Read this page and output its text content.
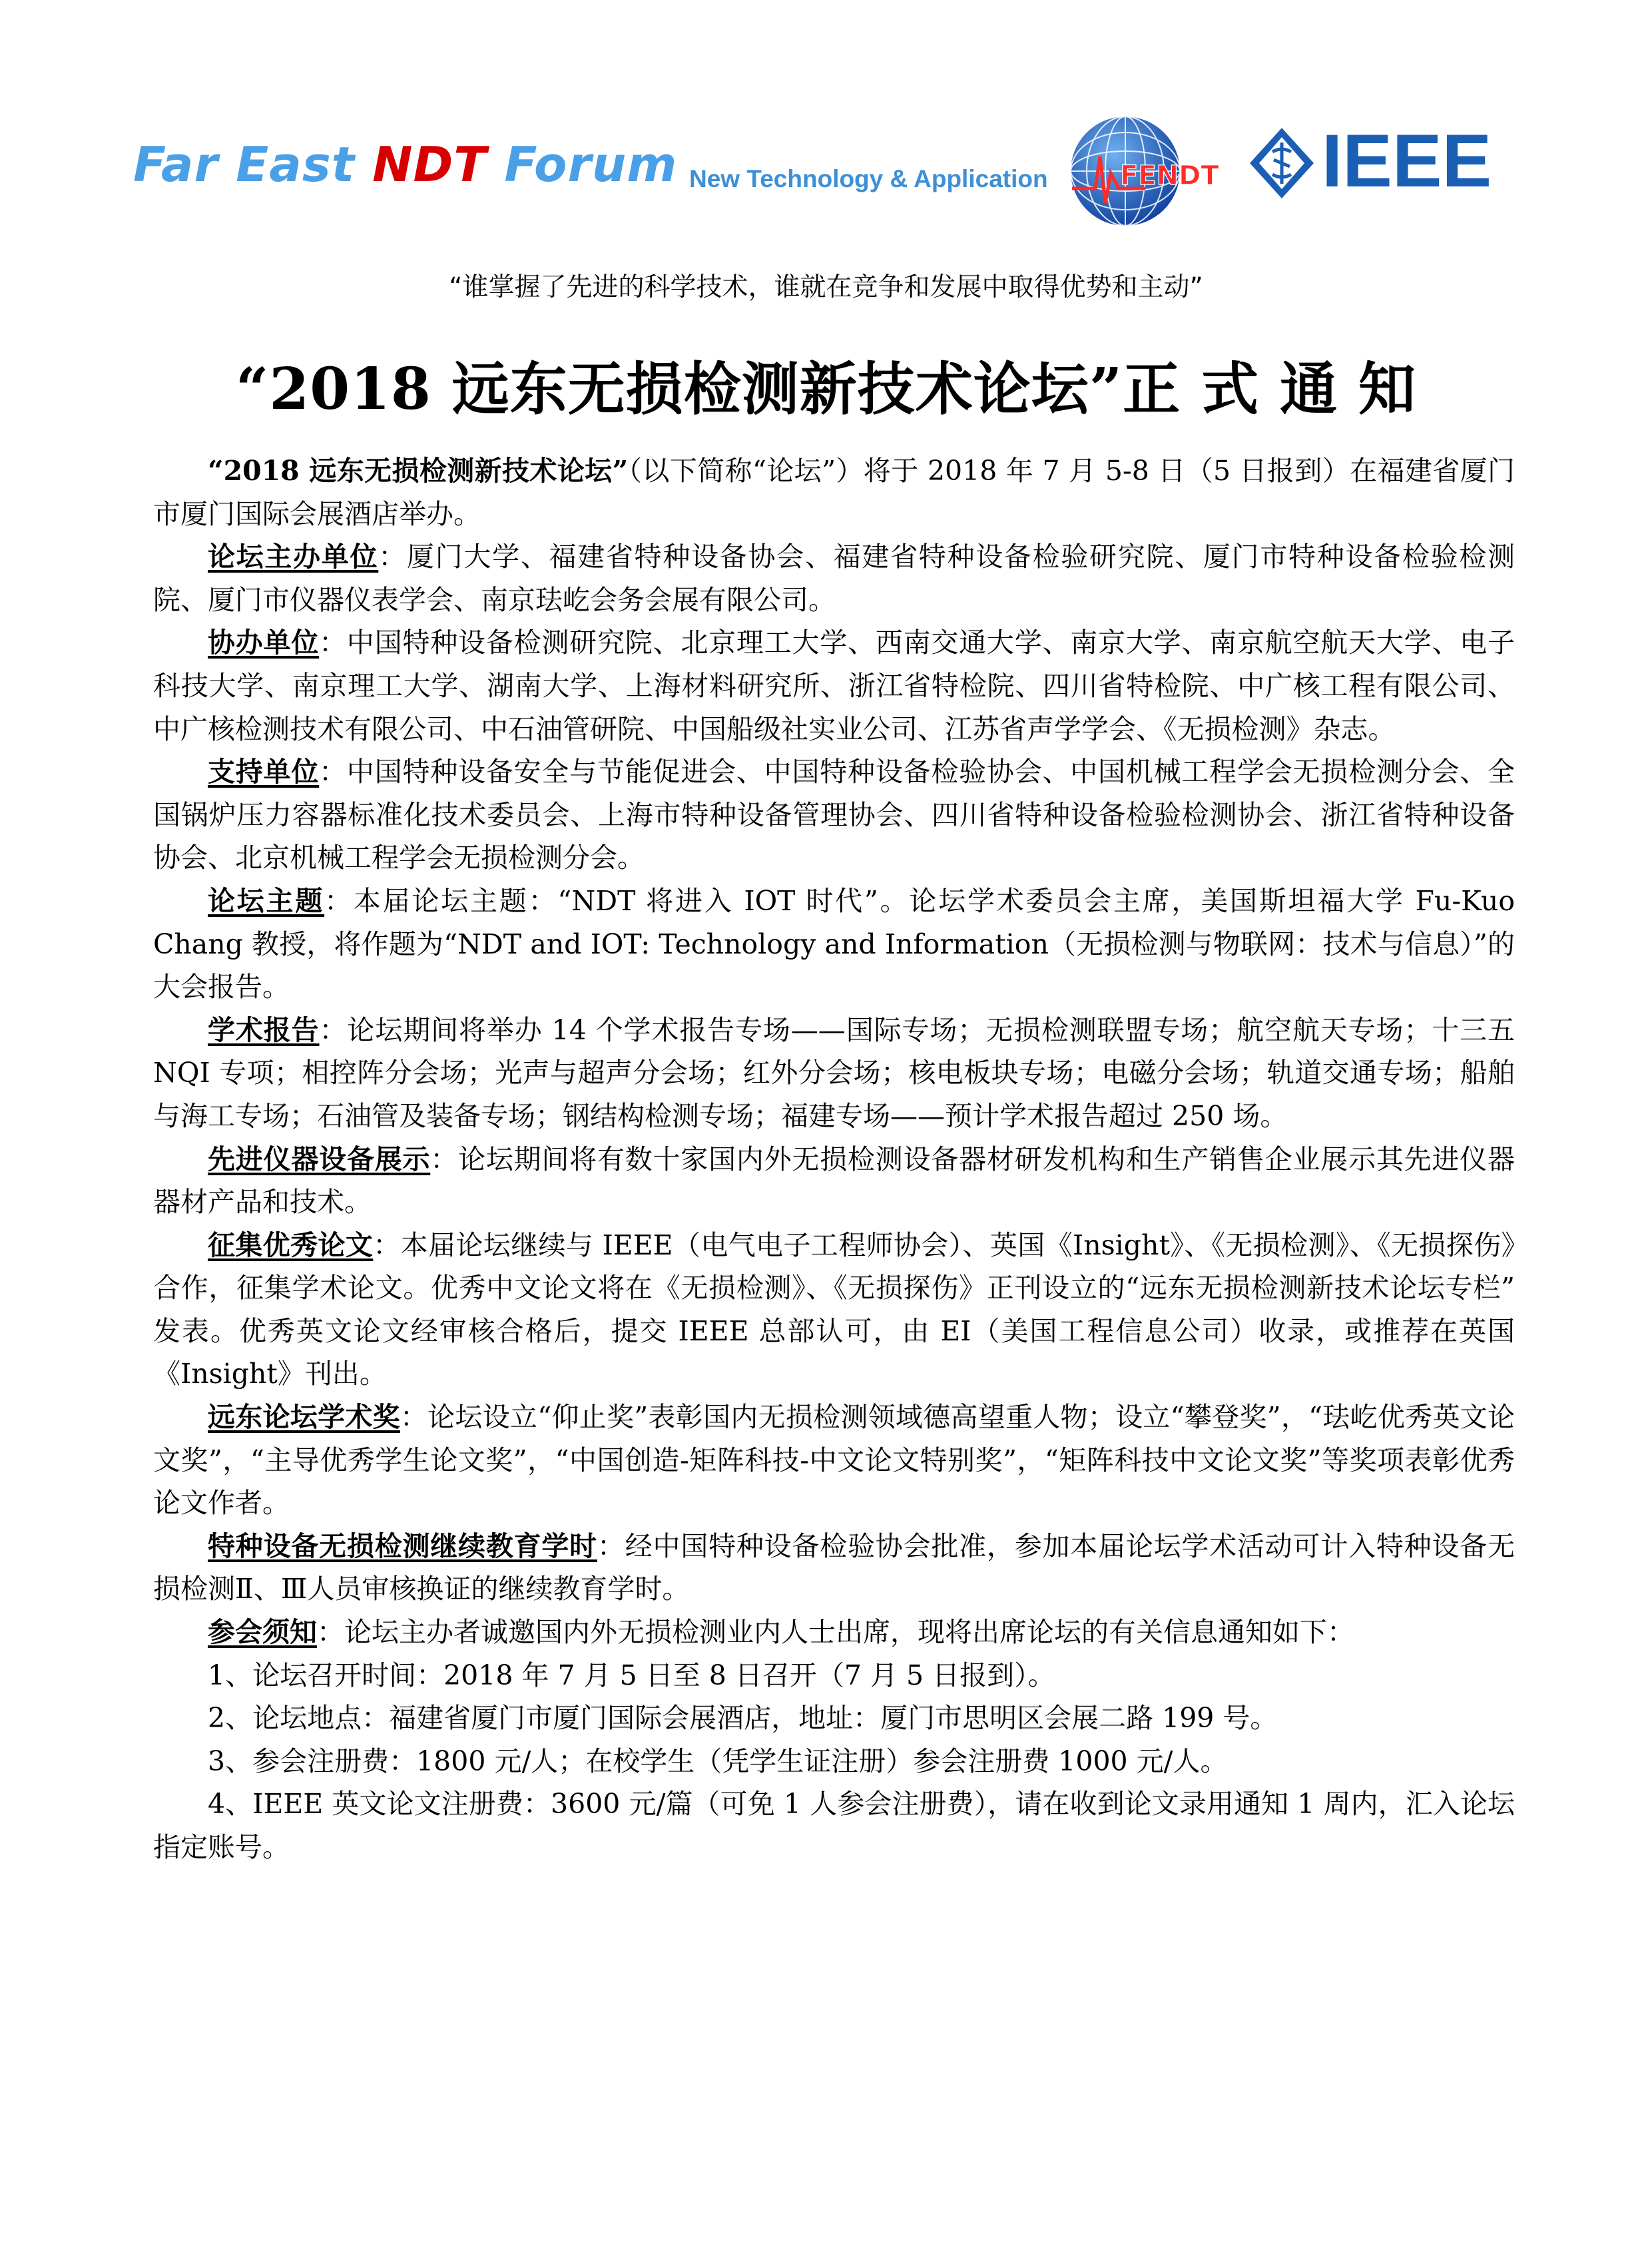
Far East NDT Forum New Technology & Application	FENDT IEEE
“谁掌握了先进的科学技术，谁就在竞争和发展中取得优势和主动”
“2018 远东无损检测新技术论坛”正 式 通 知

“2018 远东无损检测新技术论坛”（以下简称“论坛”）将于 2018 年 7 月 5-8 日（5 日报到）在福建省厦门市厦门国际会展酒店举办。

论坛主办单位：厦门大学、福建省特种设备协会、福建省特种设备检验研究院、厦门市特种设备检验检测院、厦门市仪器仪表学会、南京珐屹会务会展有限公司。

协办单位：中国特种设备检测研究院、北京理工大学、西南交通大学、南京大学、南京航空航天大学、电子科技大学、南京理工大学、湖南大学、上海材料研究所、浙江省特检院、四川省特检院、中广核工程有限公司、中广核检测技术有限公司、中石油管研院、中国船级社实业公司、江苏省声学学会、《无损检测》杂志。

支持单位：中国特种设备安全与节能促进会、中国特种设备检验协会、中国机械工程学会无损检测分会、全国锅炉压力容器标准化技术委员会、上海市特种设备管理协会、四川省特种设备检验检测协会、浙江省特种设备协会、北京机械工程学会无损检测分会。

论坛主题：本届论坛主题：“NDT 将进入 IOT 时代”。论坛学术委员会主席，美国斯坦福大学 Fu-Kuo Chang 教授，将作题为“NDT and IOT: Technology and Information（无损检测与物联网：技术与信息）”的大会报告。

学术报告：论坛期间将举办 14 个学术报告专场——国际专场；无损检测联盟专场；航空航天专场；十三五 NQI 专项；相控阵分会场；光声与超声分会场；红外分会场；核电板块专场；电磁分会场；轨道交通专场；船舶与海工专场；石油管及装备专场；钢结构检测专场；福建专场——预计学术报告超过 250 场。

先进仪器设备展示：论坛期间将有数十家国内外无损检测设备器材研发机构和生产销售企业展示其先进仪器器材产品和技术。

征集优秀论文：本届论坛继续与 IEEE（电气电子工程师协会）、英国《Insight》、《无损检测》、《无损探伤》合作，征集学术论文。优秀中文论文将在《无损检测》、《无损探伤》正刊设立的“远东无损检测新技术论坛专栏” 发表。优秀英文论文经审核合格后，提交 IEEE 总部认可，由 EI（美国工程信息公司）收录，或推荐在英国《Insight》刊出。

远东论坛学术奖：论坛设立“仰止奖”表彰国内无损检测领域德高望重人物；设立“攀登奖”，“珐屹优秀英文论文奖”，“主导优秀学生论文奖”，“中国创造-矩阵科技-中文论文特别奖”，“矩阵科技中文论文奖”等奖项表彰优秀论文作者。

特种设备无损检测继续教育学时：经中国特种设备检验协会批准，参加本届论坛学术活动可计入特种设备无损检测Ⅱ、Ⅲ人员审核换证的继续教育学时。

参会须知：论坛主办者诚邀国内外无损检测业内人士出席，现将出席论坛的有关信息通知如下：

1、论坛召开时间：2018 年 7 月 5 日至 8 日召开（7 月 5 日报到）。

2、论坛地点：福建省厦门市厦门国际会展酒店，地址：厦门市思明区会展二路 199 号。

3、参会注册费：1800 元/人；在校学生（凭学生证注册）参会注册费 1000 元/人。

4、IEEE 英文论文注册费：3600 元/篇（可免 1 人参会注册费），请在收到论文录用通知 1 周内，汇入论坛指定账号。
